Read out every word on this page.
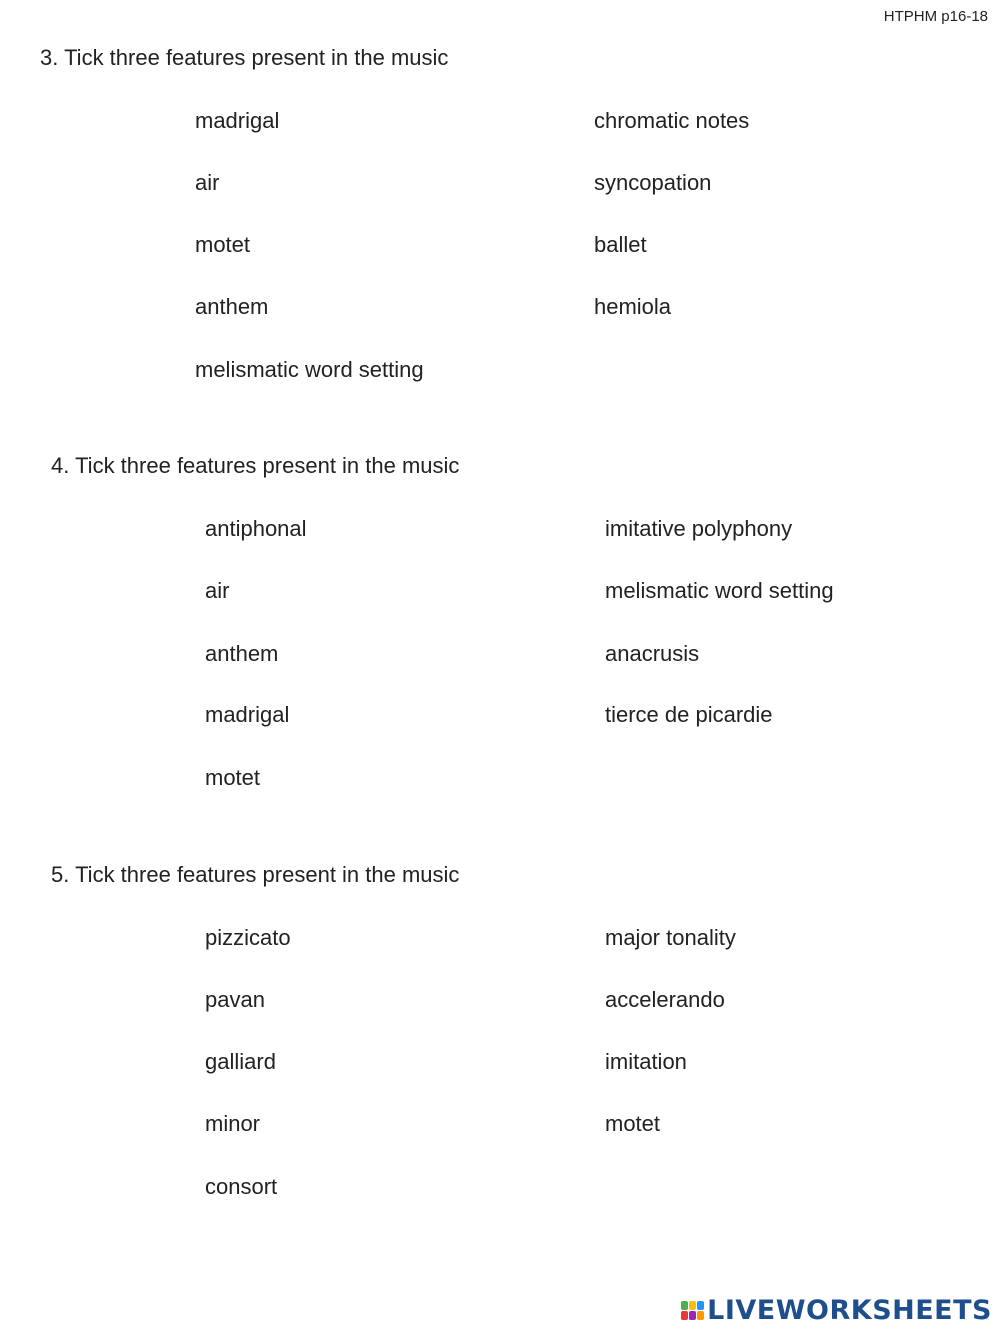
HTPHM p16-18
3. Tick three features present in the music
madrigal
air
motet
anthem
melismatic word setting
chromatic notes
syncopation
ballet
hemiola
4. Tick three features present in the music
antiphonal
air
anthem
madrigal
motet
imitative polyphony
melismatic word setting
anacrusis
tierce de picardie
5. Tick three features present in the music
pizzicato
pavan
galliard
minor
consort
major tonality
accelerando
imitation
motet
LIVEWORKSHEETS
